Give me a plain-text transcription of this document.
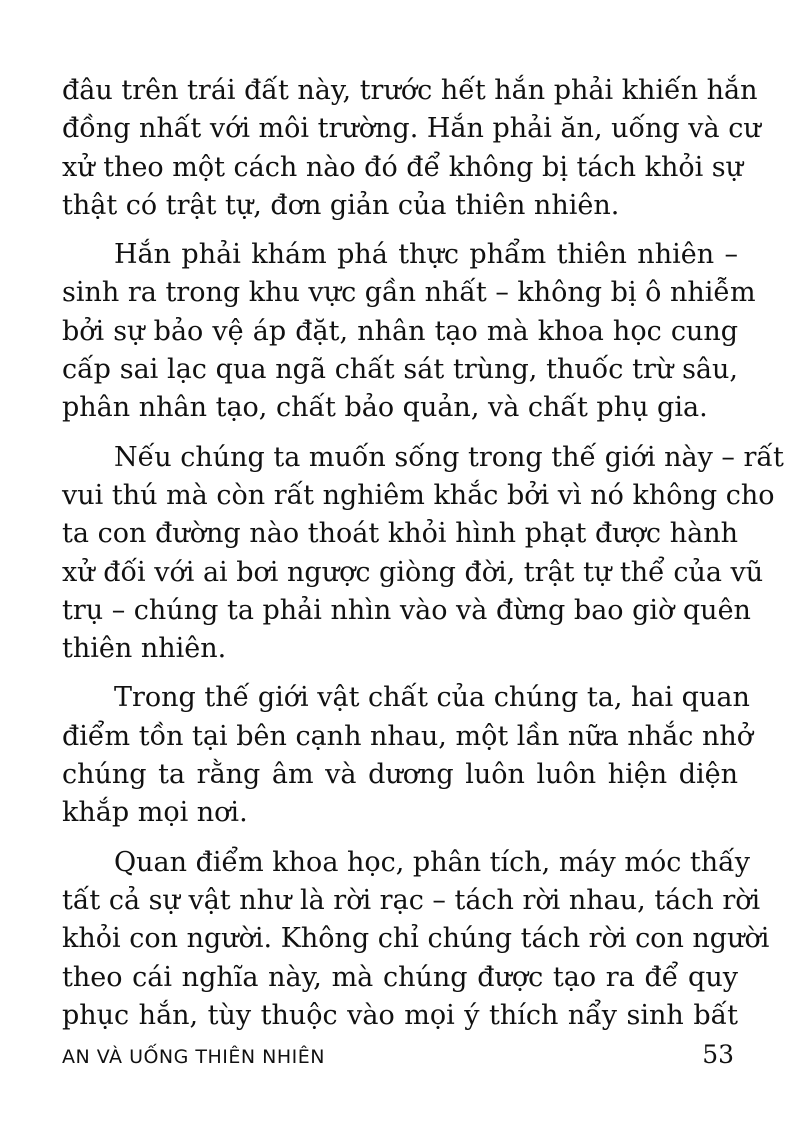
đâu trên trái đất này, trước hết hắn phải khiến hắn
đồng nhất với môi trường. Hắn phải ăn, uống và cư
xử theo một cách nào đó để không bị tách khỏi sự
thật có trật tự, đơn giản của thiên nhiên.
Hắn phải khám phá thực phẩm thiên nhiên –
sinh ra trong khu vực gần nhất – không bị ô nhiễm
bởi sự bảo vệ áp đặt, nhân tạo mà khoa học cung
cấp sai lạc qua ngã chất sát trùng, thuốc trừ sâu,
phân nhân tạo, chất bảo quản, và chất phụ gia.
Nếu chúng ta muốn sống trong thế giới này – rất
vui thú mà còn rất nghiêm khắc bởi vì nó không cho
ta con đường nào thoát khỏi hình phạt được hành
xử đối với ai bơi ngược giòng đời, trật tự thể của vũ
trụ – chúng ta phải nhìn vào và đừng bao giờ quên
thiên nhiên.
Trong thế giới vật chất của chúng ta, hai quan
điểm tồn tại bên cạnh nhau, một lần nữa nhắc nhở
chúng ta rằng âm và dương luôn luôn hiện diện
khắp mọi nơi.
Quan điểm khoa học, phân tích, máy móc thấy
tất cả sự vật như là rời rạc – tách rời nhau, tách rời
khỏi con người. Không chỉ chúng tách rời con người
theo cái nghĩa này, mà chúng được tạo ra để quy
phục hắn, tùy thuộc vào mọi ý thích nẩy sinh bất
AN VÀ UỐNG THIÊN NHIÊN	53
